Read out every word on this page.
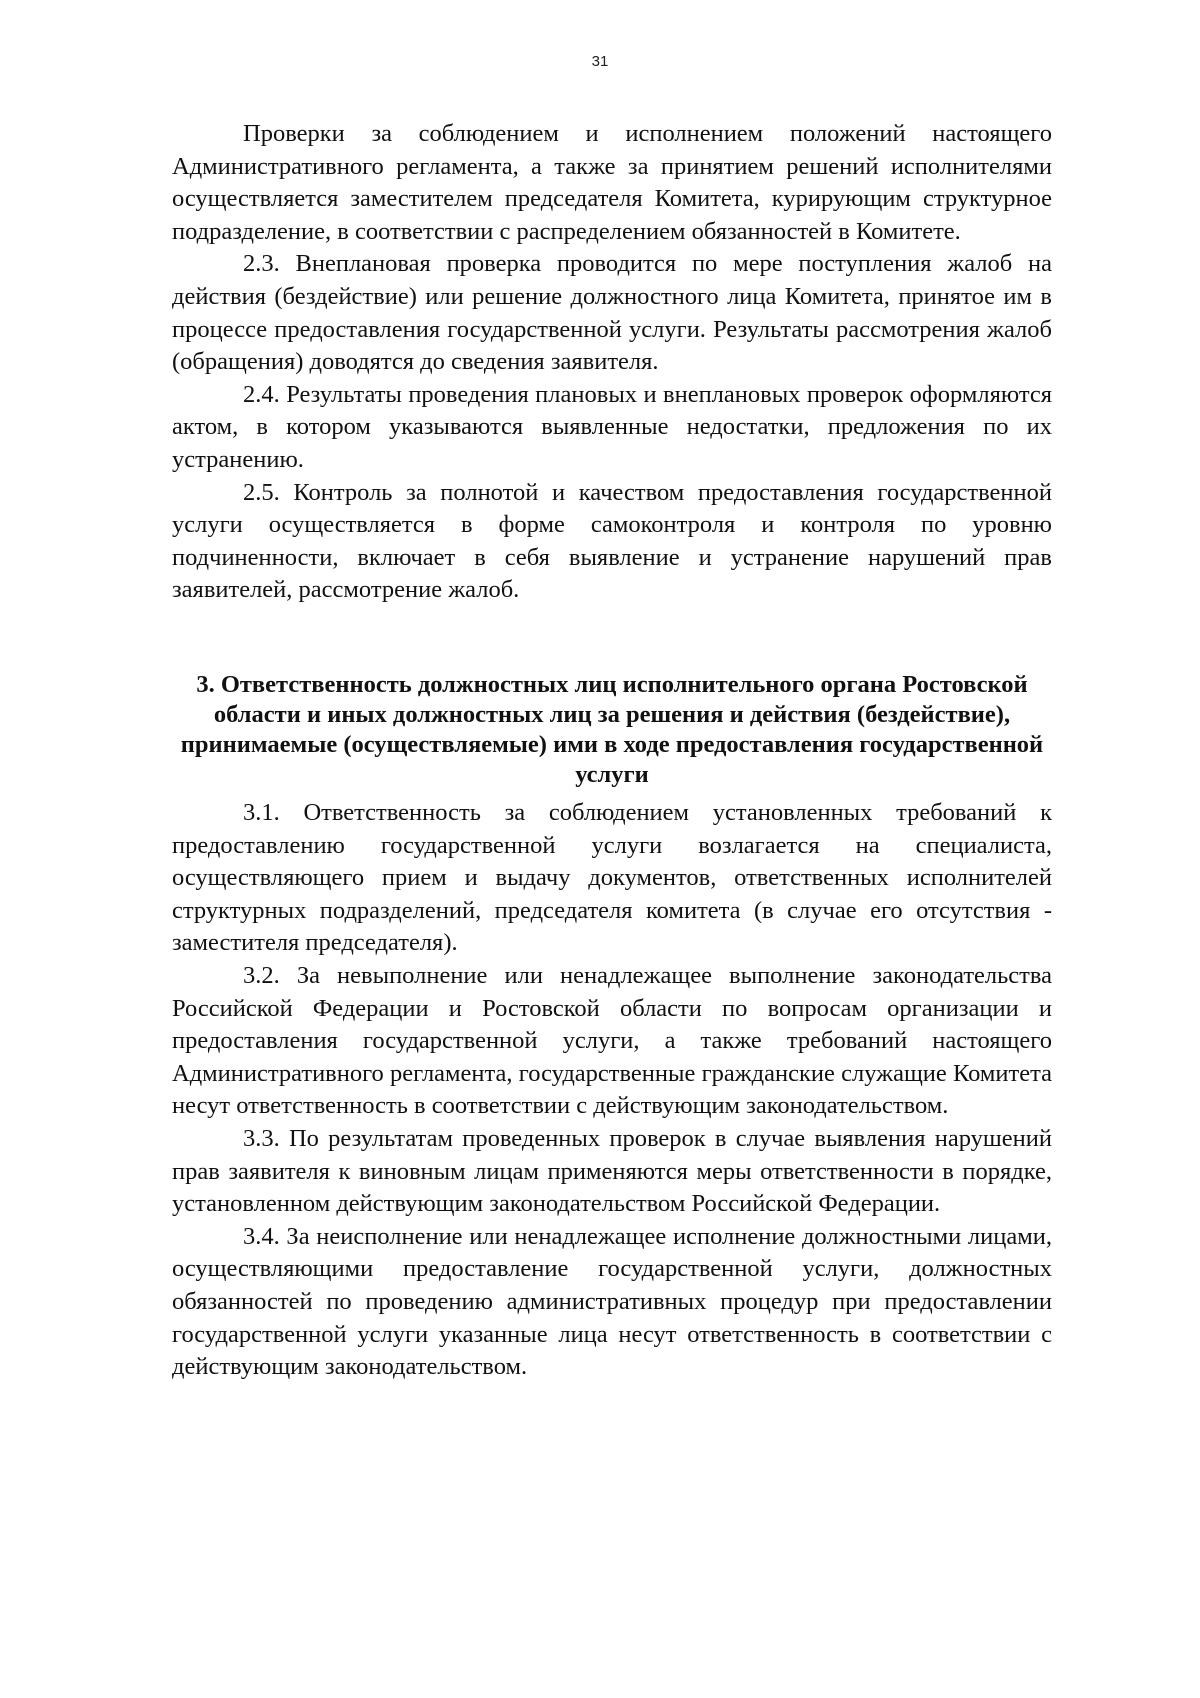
31

Проверки за соблюдением и исполнением положений настоящего Административного регламента, а также за принятием решений исполнителями осуществляется заместителем председателя Комитета, курирующим структурное подразделение, в соответствии с распределением обязанностей в Комитете.

2.3. Внеплановая проверка проводится по мере поступления жалоб на действия (бездействие) или решение должностного лица Комитета, принятое им в процессе предоставления государственной услуги. Результаты рассмотрения жалоб (обращения) доводятся до сведения заявителя.

2.4. Результаты проведения плановых и внеплановых проверок оформляются актом, в котором указываются выявленные недостатки, предложения по их устранению.

2.5. Контроль за полнотой и качеством предоставления государственной услуги осуществляется в форме самоконтроля и контроля по уровню подчиненности, включает в себя выявление и устранение нарушений прав заявителей, рассмотрение жалоб.

3. Ответственность должностных лиц исполнительного органа Ростовской области и иных должностных лиц за решения и действия (бездействие), принимаемые (осуществляемые) ими в ходе предоставления государственной услуги

3.1. Ответственность за соблюдением установленных требований к предоставлению государственной услуги возлагается на специалиста, осуществляющего прием и выдачу документов, ответственных исполнителей структурных подразделений, председателя комитета (в случае его отсутствия - заместителя председателя).

3.2. За невыполнение или ненадлежащее выполнение законодательства Российской Федерации и Ростовской области по вопросам организации и предоставления государственной услуги, а также требований настоящего Административного регламента, государственные гражданские служащие Комитета несут ответственность в соответствии с действующим законодательством.

3.3. По результатам проведенных проверок в случае выявления нарушений прав заявителя к виновным лицам применяются меры ответственности в порядке, установленном действующим законодательством Российской Федерации.

3.4. За неисполнение или ненадлежащее исполнение должностными лицами, осуществляющими предоставление государственной услуги, должностных обязанностей по проведению административных процедур при предоставлении государственной услуги указанные лица несут ответственность в соответствии с действующим законодательством.
